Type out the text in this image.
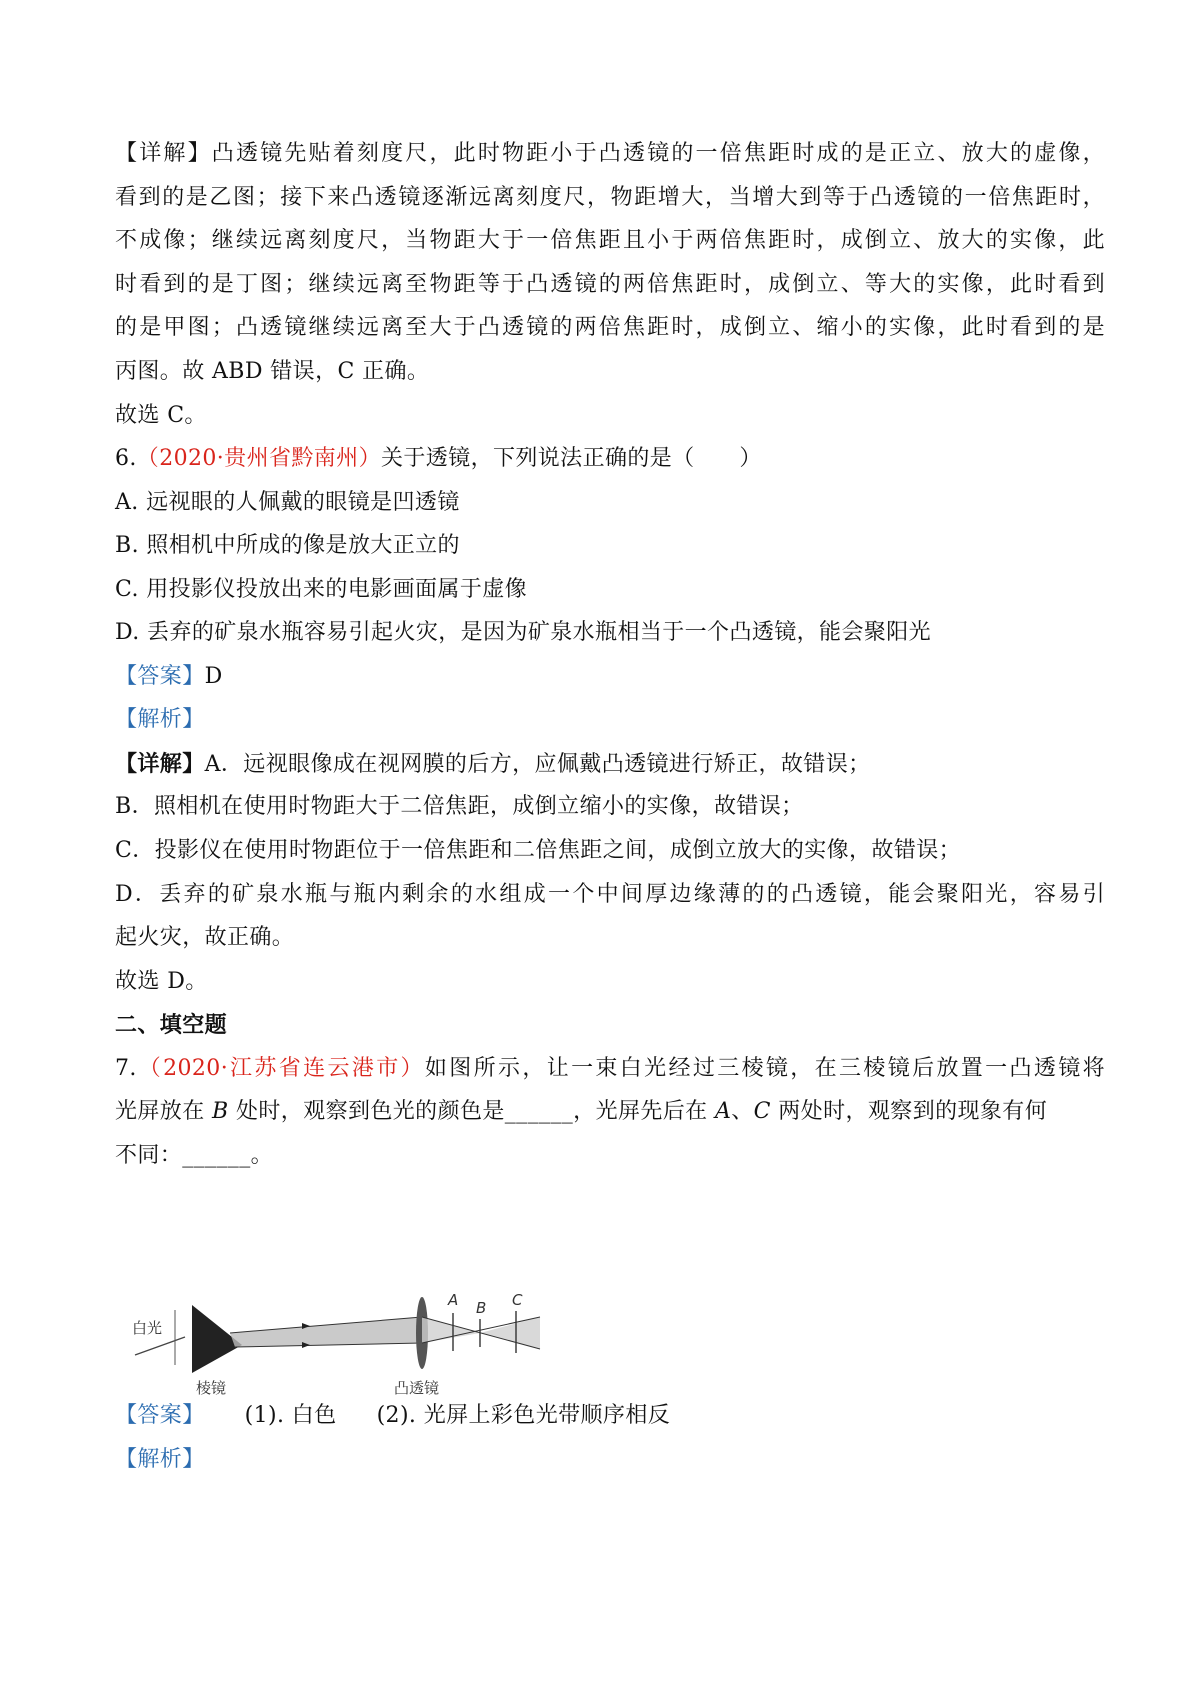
【详解】凸透镜先贴着刻度尺，此时物距小于凸透镜的一倍焦距时成的是正立、放大的虚像，
看到的是乙图；接下来凸透镜逐渐远离刻度尺，物距增大，当增大到等于凸透镜的一倍焦距时，
不成像；继续远离刻度尺，当物距大于一倍焦距且小于两倍焦距时，成倒立、放大的实像，此
时看到的是丁图；继续远离至物距等于凸透镜的两倍焦距时，成倒立、等大的实像，此时看到
的是甲图；凸透镜继续远离至大于凸透镜的两倍焦距时，成倒立、缩小的实像，此时看到的是
丙图。故 ABD 错误，C 正确。
故选 C。
6.（2020·贵州省黔南州）关于透镜，下列说法正确的是（　　）
A. 远视眼的人佩戴的眼镜是凹透镜
B. 照相机中所成的像是放大正立的
C. 用投影仪投放出来的电影画面属于虚像
D. 丢弃的矿泉水瓶容易引起火灾，是因为矿泉水瓶相当于一个凸透镜，能会聚阳光
【答案】D
【解析】
【详解】A．远视眼像成在视网膜的后方，应佩戴凸透镜进行矫正，故错误；
B．照相机在使用时物距大于二倍焦距，成倒立缩小的实像，故错误；
C．投影仪在使用时物距位于一倍焦距和二倍焦距之间，成倒立放大的实像，故错误；
D．丢弃的矿泉水瓶与瓶内剩余的水组成一个中间厚边缘薄的的凸透镜，能会聚阳光，容易引
起火灾，故正确。
故选 D。
二、填空题
7.（2020·江苏省连云港市）如图所示，让一束白光经过三棱镜，在三棱镜后放置一凸透镜将
光屏放在 B 处时，观察到色光的颜色是______，光屏先后在 A、C 两处时，观察到的现象有何
不同：______。
白光
棱镜	凸透镜
A B C
【答案】 (1). 白色 (2). 光屏上彩色光带顺序相反
【解析】
